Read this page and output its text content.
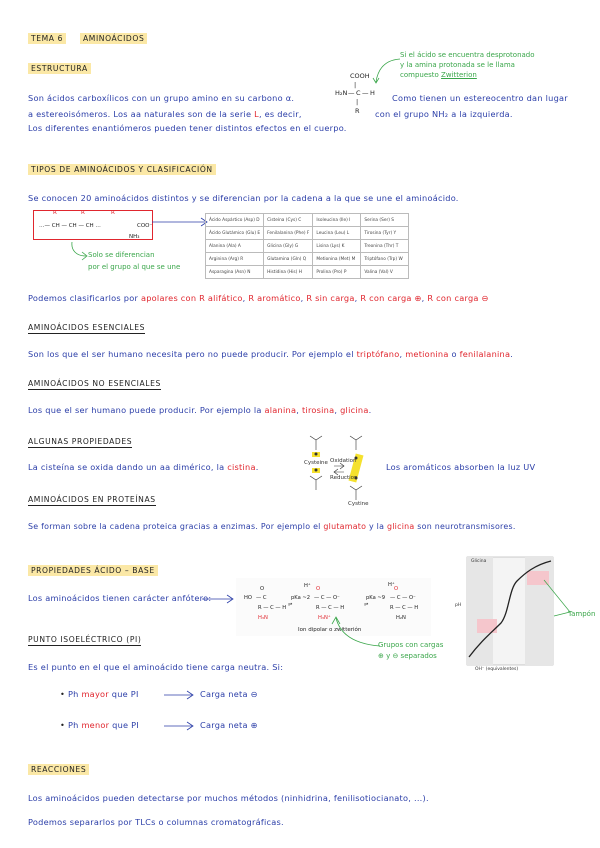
TEMA 6	AMINOÁCIDOS
ESTRUCTURA
Si el ácido se encuentra desprotonado
y la amina protonada se le llama
compuesto Zwitterion
COOH
|
H₂N — C — H
|
R
Son ácidos carboxílicos con un grupo amino en su carbono α.	Como tienen un estereocentro dan lugar
a estereoisómeros. Los aa naturales son de la serie L, es decir,	con el grupo NH₂ a la izquierda.
Los diferentes enantiómeros pueden tener distintos efectos en el cuerpo.
TIPOS DE AMINOÁCIDOS Y CLASIFICACIÓN
Se conocen 20 aminoácidos distintos y se diferencian por la cadena a la que se une el aminoácido.
R	R	R
…— CH — CH — CH …	COO⁻
NH₃
Solo se diferencian
por el grupo al que se une
Ácido Aspártico (Asp) D	Cisteína (Cys) C	Isoleucina (Ile) I	Serina (Ser) S
Ácido Glutámico (Glu) E	Fenilalanina (Phe) F	Leucina (Leu) L	Tirosina (Tyr) Y
Alanina (Ala) A	Glicina (Gly) G	Lisina (Lys) K	Treonina (Thr) T
Arginina (Arg) R	Glutamina (Gln) Q	Metionina (Met) M	Triptófano (Trp) W
Asparagina (Asn) N	Histidina (His) H	Prolina (Pro) P	Valina (Val) V
Podemos clasificarlos por apolares con R alifático, R aromático, R sin carga, R con carga ⊕, R con carga ⊖
AMINOÁCIDOS ESENCIALES
Son los que el ser humano necesita pero no puede producir. Por ejemplo el triptófano, metionina o fenilalanina.
AMINOÁCIDOS NO ESENCIALES
Los que el ser humano puede producir. Por ejemplo la alanina, tirosina, glicina.
ALGUNAS PROPIEDADES
La cisteína se oxida dando un aa dimérico, la cistina.
Oxidation
Reduction
Cysteine
Cystine
Los aromáticos absorben la luz UV
AMINOÁCIDOS EN PROTEÍNAS
Se forman sobre la cadena proteica gracias a enzimas. Por ejemplo el glutamato y la glicina son neurotransmisores.
PROPIEDADES ÁCIDO – BASE
Los aminoácidos tienen carácter anfótero:	HO
O
— C
R — C — H
H₃N
pKa ~2
H⁺
⇌
O
— C — O⁻
R — C — H
H₃N⁺
pKa ~9
H⁺
⇌
O
— C — O⁻
R — C — H
H₂N
Ion dipolar o zwitterión
Grupos con cargas
⊕ y ⊖ separados
pH
OH⁻ (equivalentes)
Glicina
Tampón
PUNTO ISOELÉCTRICO (PI)
Es el punto en el que el aminoácido tiene carga neutra. Si:
• Ph mayor que PI	Carga neta ⊖
• Ph menor que PI	Carga neta ⊕
REACCIONES
Los aminoácidos pueden detectarse por muchos métodos (ninhidrina, fenilisotiocianato, ...).
Podemos separarlos por TLCs o columnas cromatográficas.
